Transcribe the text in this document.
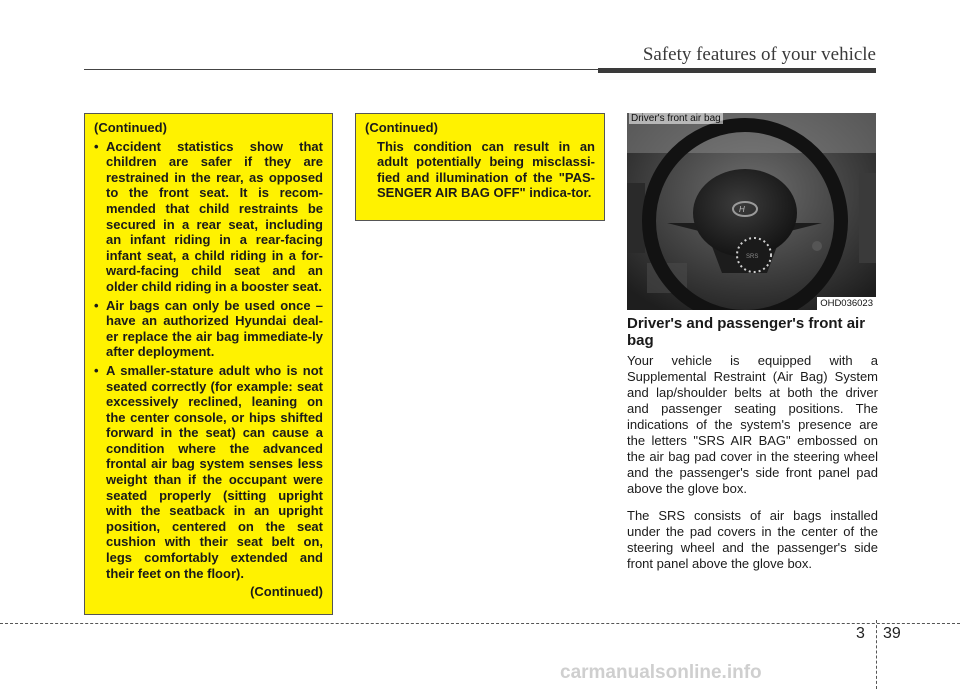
Safety features of your vehicle
(Continued)
• Accident statistics show that children are safer if they are restrained in the rear, as opposed to the front seat. It is recom-mended that child restraints be secured in a rear seat, including an infant riding in a rear-facing infant seat, a child riding in a for-ward-facing child seat and an older child riding in a booster seat.
• Air bags can only be used once – have an authorized Hyundai deal-er replace the air bag immediate-ly after deployment.
• A smaller-stature adult who is not seated correctly (for example: seat excessively reclined, leaning on the center console, or hips shifted forward in the seat) can cause a condition where the advanced frontal air bag system senses less weight than if the occupant were seated properly (sitting upright with the seatback in an upright position, centered on the seat cushion with their seat belt on, legs comfortably extended and their feet on the floor).
(Continued)
(Continued)
This condition can result in an adult potentially being misclassi-fied and illumination of the "PAS-SENGER AIR BAG OFF" indica-tor.
H
SRS
Driver's front air bag
OHD036023
Driver's and passenger's front air bag
Your vehicle is equipped with a Supplemental Restraint (Air Bag) System and lap/shoulder belts at both the driver and passenger seating positions. The indications of the system's presence are the letters "SRS AIR BAG" embossed on the air bag pad cover in the steering wheel and the passenger's side front panel pad above the glove box.
The SRS consists of air bags installed under the pad covers in the center of the steering wheel and the passenger's side front panel above the glove box.
3 39
carmanualsonline.info
